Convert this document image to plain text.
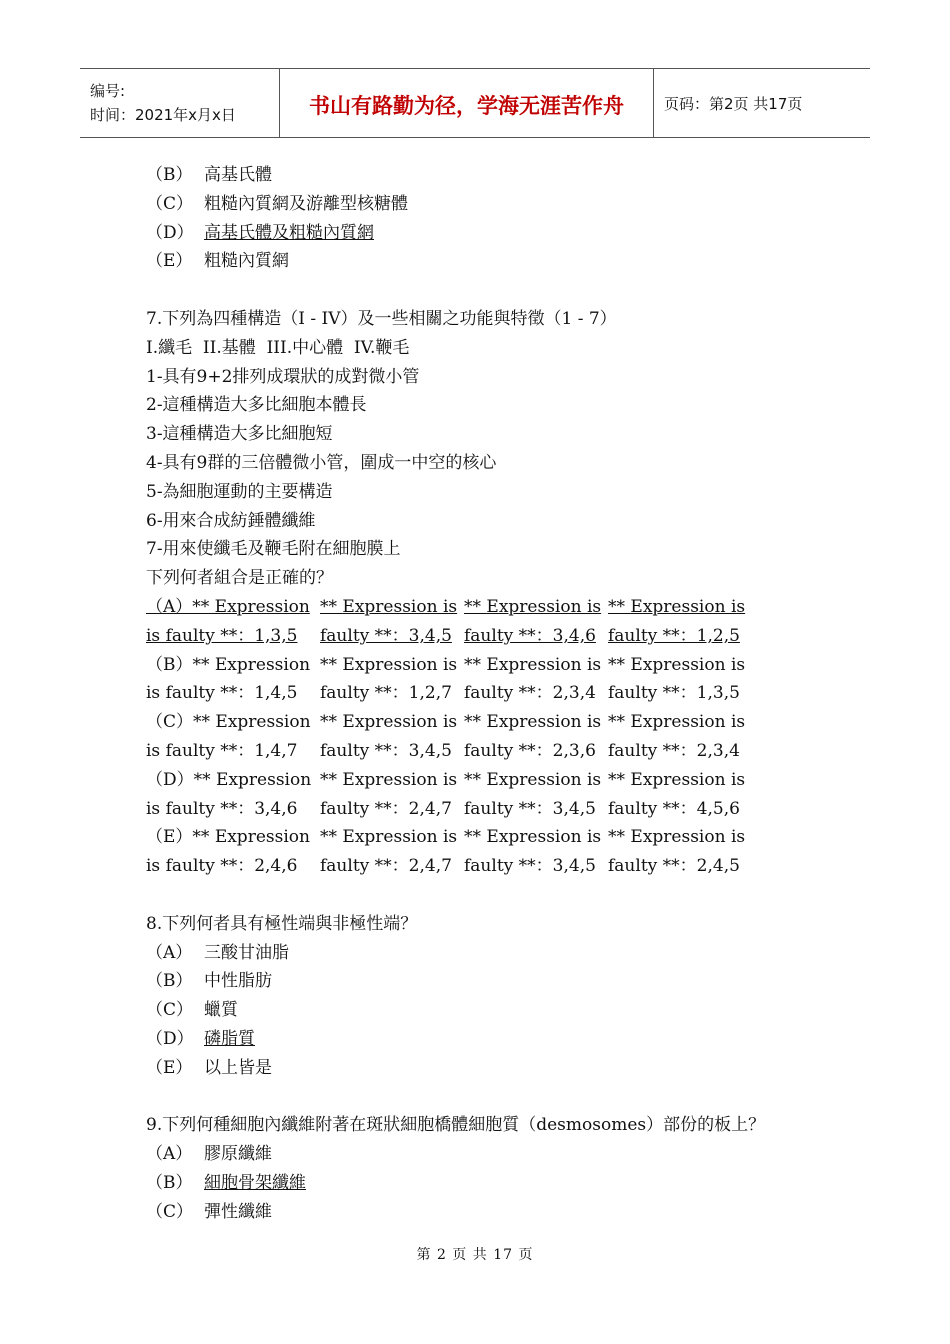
编号:
时间：2021年x月x日	书山有路勤为径，学海无涯苦作舟	页码：第2页 共17页
（B） 高基氏體
（C） 粗糙內質網及游離型核糖體
（D） 高基氏體及粗糙內質網
（E） 粗糙內質網
7.下列為四種構造（I - IV）及一些相關之功能與特徵（1 - 7）
I.纖毛  II.基體  III.中心體  IV.鞭毛
1-具有9+2排列成環狀的成對微小管
2-這種構造大多比細胞本體長
3-這種構造大多比細胞短
4-具有9群的三倍體微小管，圍成一中空的核心
5-為細胞運動的主要構造
6-用來合成紡錘體纖維
7-用來使纖毛及鞭毛附在細胞膜上
下列何者組合是正確的？
（A）** Expression is faulty **：1,3,5
** Expression is faulty **：3,4,5
** Expression is faulty **：3,4,6
** Expression is faulty **：1,2,5
（B）** Expression is faulty **：1,4,5
** Expression is faulty **：1,2,7
** Expression is faulty **：2,3,4
** Expression is faulty **：1,3,5
（C）** Expression is faulty **：1,4,7
** Expression is faulty **：3,4,5
** Expression is faulty **：2,3,6
** Expression is faulty **：2,3,4
（D）** Expression is faulty **：3,4,6
** Expression is faulty **：2,4,7
** Expression is faulty **：3,4,5
** Expression is faulty **：4,5,6
（E）** Expression is faulty **：2,4,6
** Expression is faulty **：2,4,7
** Expression is faulty **：3,4,5
** Expression is faulty **：2,4,5
8.下列何者具有極性端與非極性端？
（A） 三酸甘油脂
（B） 中性脂肪
（C） 蠟質
（D） 磷脂質
（E） 以上皆是
9.下列何種細胞內纖維附著在斑狀細胞橋體細胞質（desmosomes）部份的板上？
（A） 膠原纖維
（B） 細胞骨架纖維
（C） 彈性纖維
第 2 页 共 17 页
